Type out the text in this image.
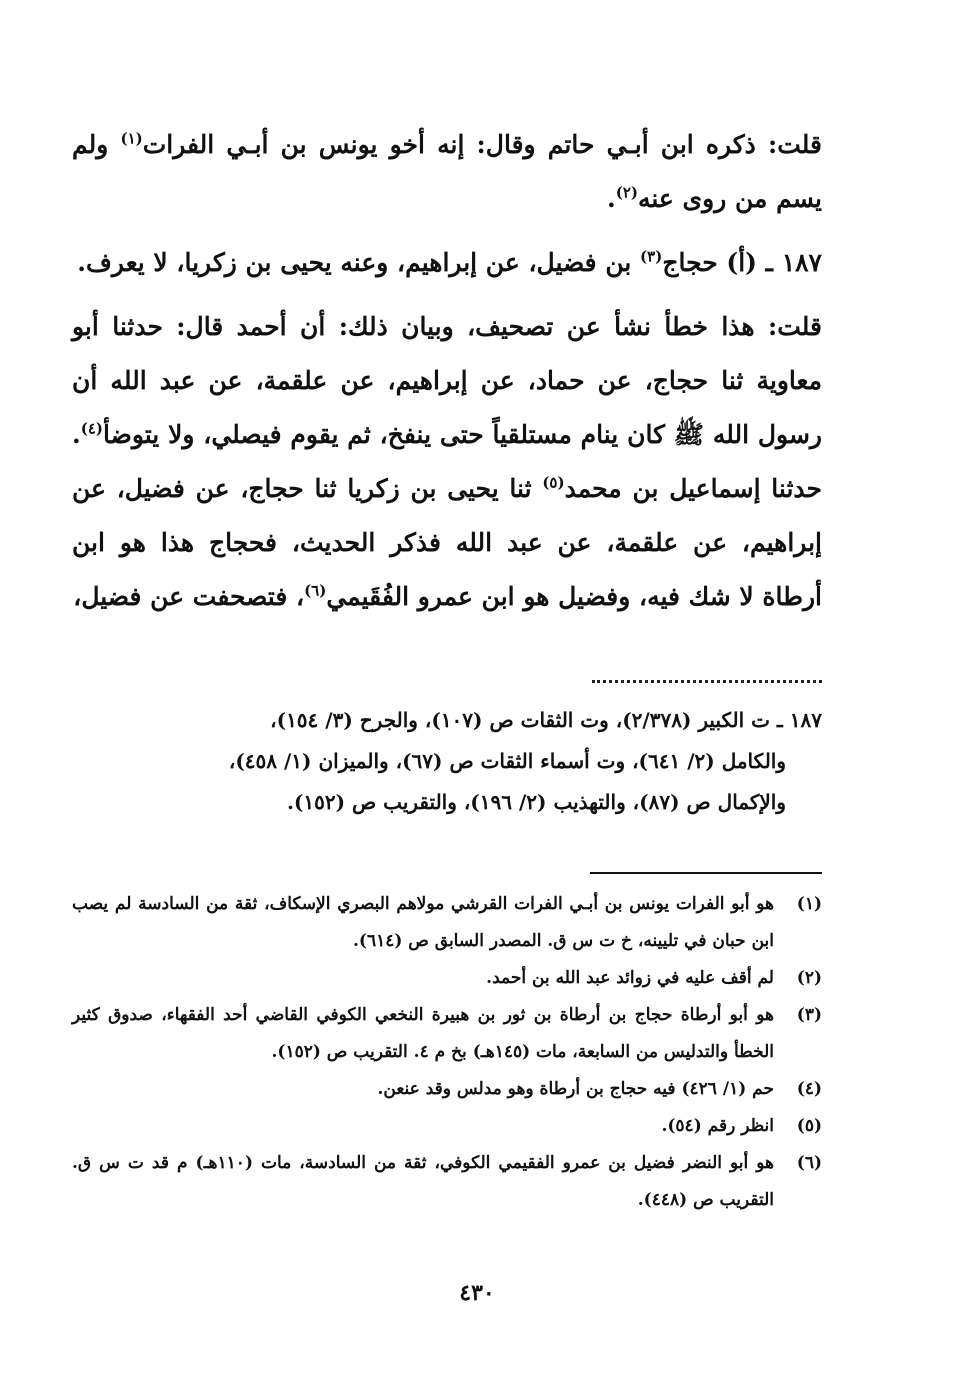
قلت: ذكره ابن أبـي حاتم وقال: إنه أخو يونس بن أبـي الفرات$^{(١)}$ ولم يسم من روى عنه$^{(٢)}$.

١٨٧ ـ (أ) حجاج$^{(٣)}$ بن فضيل، عن إبراهيم، وعنه يحيى بن زكريا، لا يعرف.

قلت: هذا خطأ نشأ عن تصحيف، وبيان ذلك: أن أحمد قال: حدثنا أبو معاوية ثنا حجاج، عن حماد، عن إبراهيم، عن علقمة، عن عبد الله أن رسول الله ﷺ كان ينام مستلقياً حتى ينفخ، ثم يقوم فيصلي، ولا يتوضأ$^{(٤)}$. حدثنا إسماعيل بن محمد$^{(٥)}$ ثنا يحيى بن زكريا ثنا حجاج، عن فضيل، عن إبراهيم، عن علقمة، عن عبد الله فذكر الحديث، فحجاج هذا هو ابن أرطاة لا شك فيه، وفضيل هو ابن عمرو الفُقَيمي$^{(٦)}$، فتصحفت عن فضيل،

١٨٧ ـ ت الكبير (٢/٣٧٨)، وت الثقات ص (١٠٧)، والجرح (٣/ ١٥٤)،
والكامل (٢/ ٦٤١)، وت أسماء الثقات ص (٦٧)، والميزان (١/ ٤٥٨)،
والإكمال ص (٨٧)، والتهذيب (٢/ ١٩٦)، والتقريب ص (١٥٢).
(١)
هو أبو الفرات يونس بن أبـي الفرات القرشي مولاهم البصري الإسكاف، ثقة من السادسة لم يصب ابن حبان في تليينه، خ ت س ق. المصدر السابق ص (٦١٤).
(٢)
لم أقف عليه في زوائد عبد الله بن أحمد.
(٣)
هو أبو أرطاة حجاج بن أرطاة بن ثور بن هبيرة النخعي الكوفي القاضي أحد الفقهاء، صدوق كثير الخطأ والتدليس من السابعة، مات (١٤٥هـ) بخ م ٤. التقريب ص (١٥٢).
(٤)
حم (١/ ٤٢٦) فيه حجاج بن أرطاة وهو مدلس وقد عنعن.
(٥)
انظر رقم (٥٤).
(٦)
هو أبو النضر فضيل بن عمرو الفقيمي الكوفي، ثقة من السادسة، مات (١١٠هـ) م قد ت س ق. التقريب ص (٤٤٨).
٤٣٠
